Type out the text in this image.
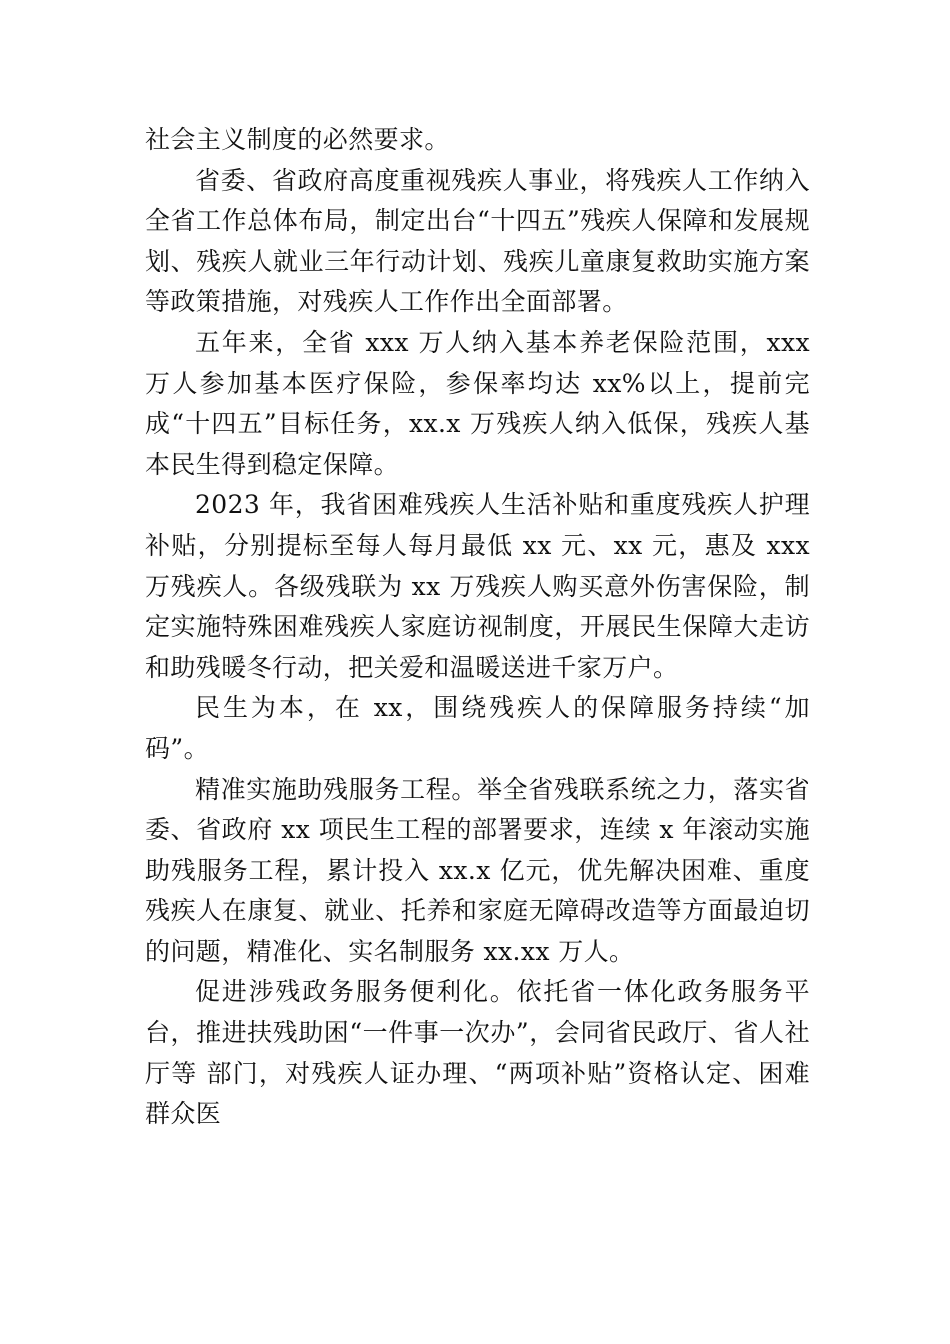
社会主义制度的必然要求。

省委、省政府高度重视残疾人事业，将残疾人工作纳入全省工作总体布局，制定出台“十四五”残疾人保障和发展规划、残疾人就业三年行动计划、残疾儿童康复救助实施方案等政策措施，对残疾人工作作出全面部署。

五年来，全省 xxx 万人纳入基本养老保险范围，xxx 万人参加基本医疗保险，参保率均达 xx%以上，提前完成“十四五”目标任务，xx.x 万残疾人纳入低保，残疾人基本民生得到稳定保障。

2023 年，我省困难残疾人生活补贴和重度残疾人护理补贴，分别提标至每人每月最低 xx 元、xx 元，惠及 xxx 万残疾人。各级残联为 xx 万残疾人购买意外伤害保险，制定实施特殊困难残疾人家庭访视制度，开展民生保障大走访和助残暖冬行动，把关爱和温暖送进千家万户。

民生为本，在 xx，围绕残疾人的保障服务持续“加码”。

精准实施助残服务工程。举全省残联系统之力，落实省委、省政府 xx 项民生工程的部署要求，连续 x 年滚动实施助残服务工程，累计投入 xx.x 亿元，优先解决困难、重度残疾人在康复、就业、托养和家庭无障碍改造等方面最迫切的问题，精准化、实名制服务 xx.xx 万人。

促进涉残政务服务便利化。依托省一体化政务服务平台，推进扶残助困“一件事一次办”，会同省民政厅、省人社厅等 部门，对残疾人证办理、“两项补贴”资格认定、困难群众医
